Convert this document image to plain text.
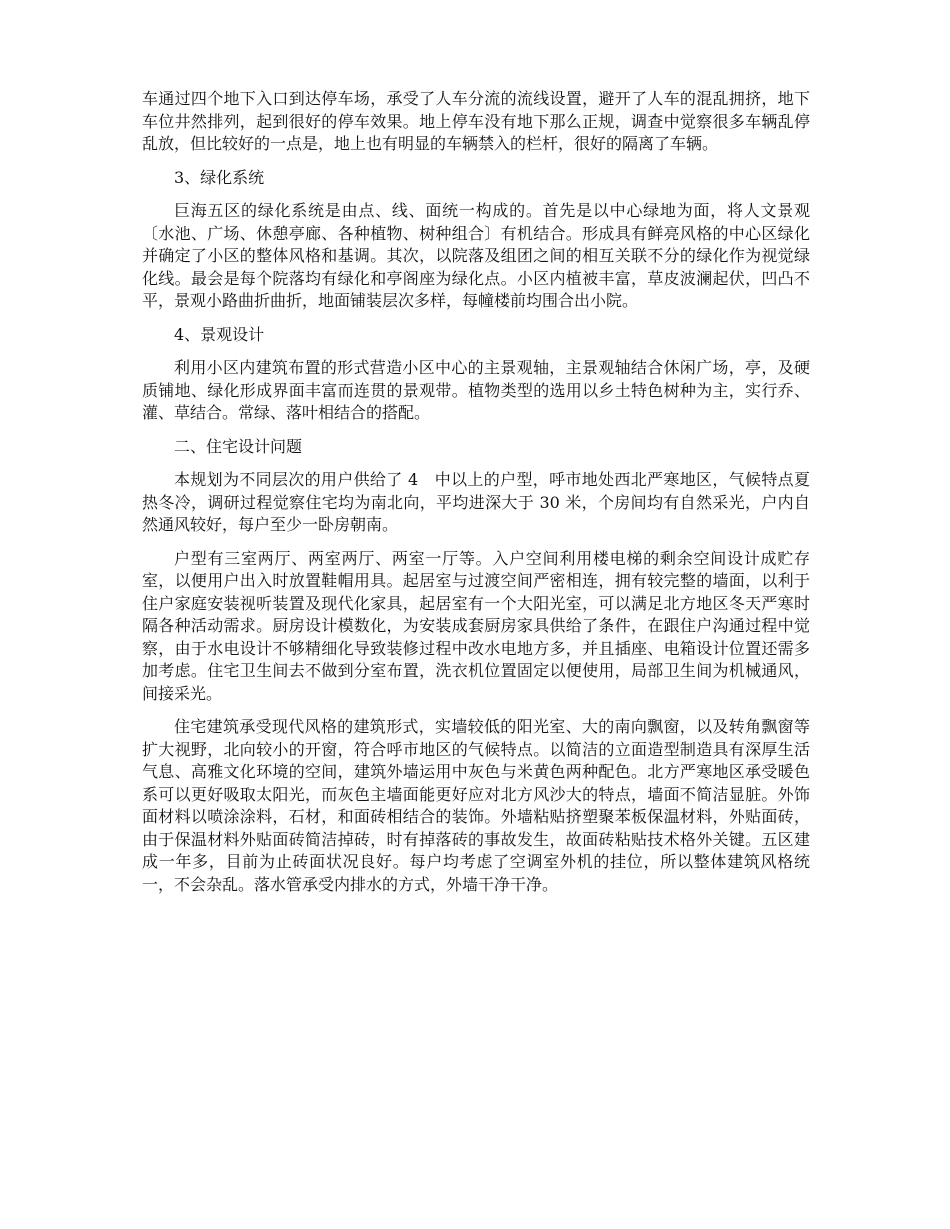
车通过四个地下入口到达停车场，承受了人车分流的流线设置，避开了人车的混乱拥挤，地下车位井然排列，起到很好的停车效果。地上停车没有地下那么正规，调查中觉察很多车辆乱停乱放，但比较好的一点是，地上也有明显的车辆禁入的栏杆，很好的隔离了车辆。

3、绿化系统

巨海五区的绿化系统是由点、线、面统一构成的。首先是以中心绿地为面，将人文景观〔水池、广场、休憩亭廊、各种植物、树种组合〕有机结合。形成具有鲜亮风格的中心区绿化并确定了小区的整体风格和基调。其次，以院落及组团之间的相互关联不分的绿化作为视觉绿化线。最会是每个院落均有绿化和亭阁座为绿化点。小区内植被丰富，草皮波澜起伏，凹凸不平，景观小路曲折曲折，地面铺装层次多样，每幢楼前均围合出小院。

4、景观设计

利用小区内建筑布置的形式营造小区中心的主景观轴，主景观轴结合休闲广场，亭，及硬质铺地、绿化形成界面丰富而连贯的景观带。植物类型的选用以乡土特色树种为主，实行乔、灌、草结合。常绿、落叶相结合的搭配。

二、住宅设计问题

本规划为不同层次的用户供给了 4　中以上的户型，呼市地处西北严寒地区，气候特点夏热冬冷，调研过程觉察住宅均为南北向，平均进深大于 30 米，个房间均有自然采光，户内自然通风较好，每户至少一卧房朝南。

户型有三室两厅、两室两厅、两室一厅等。入户空间利用楼电梯的剩余空间设计成贮存室，以便用户出入时放置鞋帽用具。起居室与过渡空间严密相连，拥有较完整的墙面，以利于住户家庭安装视听装置及现代化家具，起居室有一个大阳光室，可以满足北方地区冬天严寒时隔各种活动需求。厨房设计模数化，为安装成套厨房家具供给了条件，在跟住户沟通过程中觉察，由于水电设计不够精细化导致装修过程中改水电地方多，并且插座、电箱设计位置还需多加考虑。住宅卫生间去不做到分室布置，洗衣机位置固定以便使用，局部卫生间为机械通风，间接采光。

住宅建筑承受现代风格的建筑形式，实墙较低的阳光室、大的南向飘窗，以及转角飘窗等扩大视野，北向较小的开窗，符合呼市地区的气候特点。以简洁的立面造型制造具有深厚生活气息、高雅文化环境的空间，建筑外墙运用中灰色与米黄色两种配色。北方严寒地区承受暖色系可以更好吸取太阳光，而灰色主墙面能更好应对北方风沙大的特点，墙面不简洁显脏。外饰面材料以喷涂涂料，石材，和面砖相结合的装饰。外墙粘贴挤塑聚苯板保温材料，外贴面砖，由于保温材料外贴面砖简洁掉砖，时有掉落砖的事故发生，故面砖粘贴技术格外关键。五区建成一年多，目前为止砖面状况良好。每户均考虑了空调室外机的挂位，所以整体建筑风格统一，不会杂乱。落水管承受内排水的方式，外墙干净干净。
